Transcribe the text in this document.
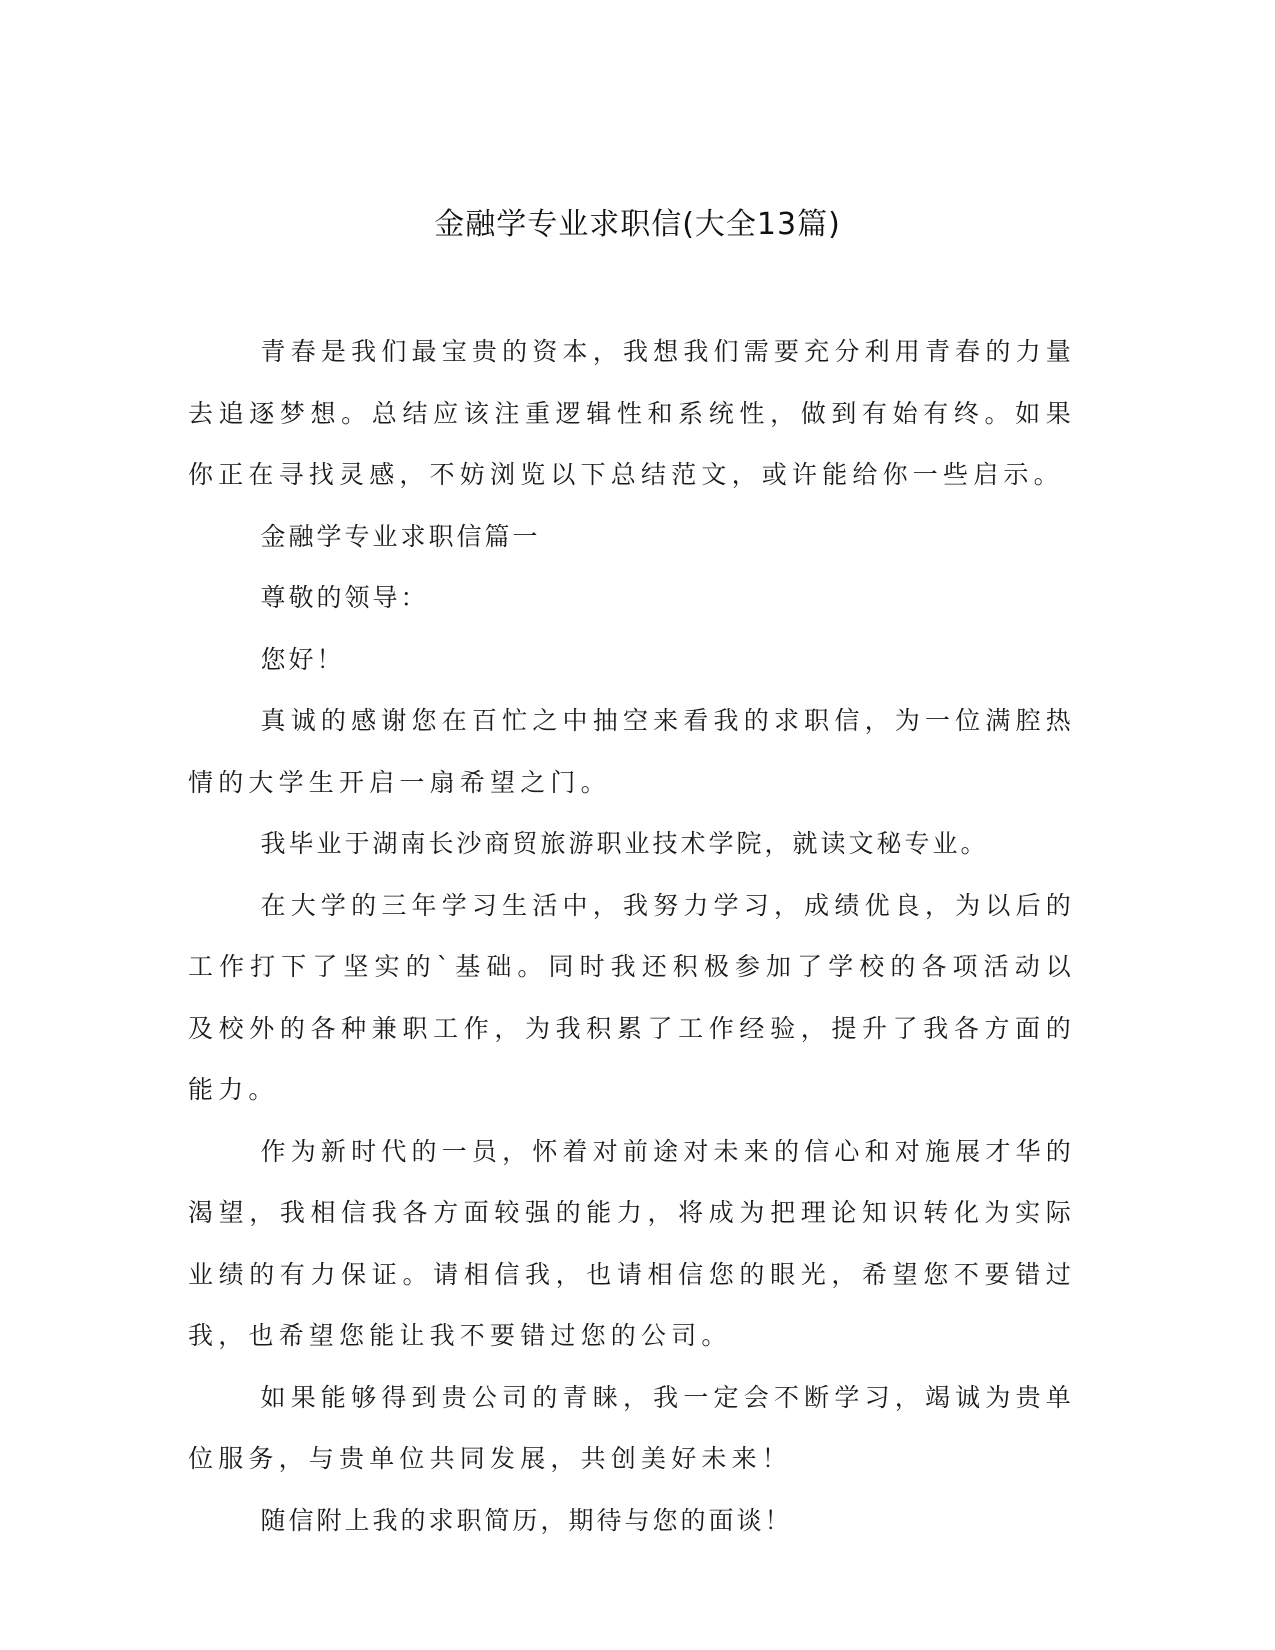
金融学专业求职信(大全13篇)

青春是我们最宝贵的资本，我想我们需要充分利用青春的力量去追逐梦想。总结应该注重逻辑性和系统性，做到有始有终。如果你正在寻找灵感，不妨浏览以下总结范文，或许能给你一些启示。

金融学专业求职信篇一

尊敬的领导：

您好！

真诚的感谢您在百忙之中抽空来看我的求职信，为一位满腔热情的大学生开启一扇希望之门。

我毕业于湖南长沙商贸旅游职业技术学院，就读文秘专业。

在大学的三年学习生活中，我努力学习，成绩优良，为以后的工作打下了坚实的`基础。同时我还积极参加了学校的各项活动以及校外的各种兼职工作，为我积累了工作经验，提升了我各方面的能力。

作为新时代的一员，怀着对前途对未来的信心和对施展才华的渴望，我相信我各方面较强的能力，将成为把理论知识转化为实际业绩的有力保证。请相信我，也请相信您的眼光，希望您不要错过我，也希望您能让我不要错过您的公司。

如果能够得到贵公司的青睐，我一定会不断学习，竭诚为贵单位服务，与贵单位共同发展，共创美好未来！

随信附上我的求职简历，期待与您的面谈！
